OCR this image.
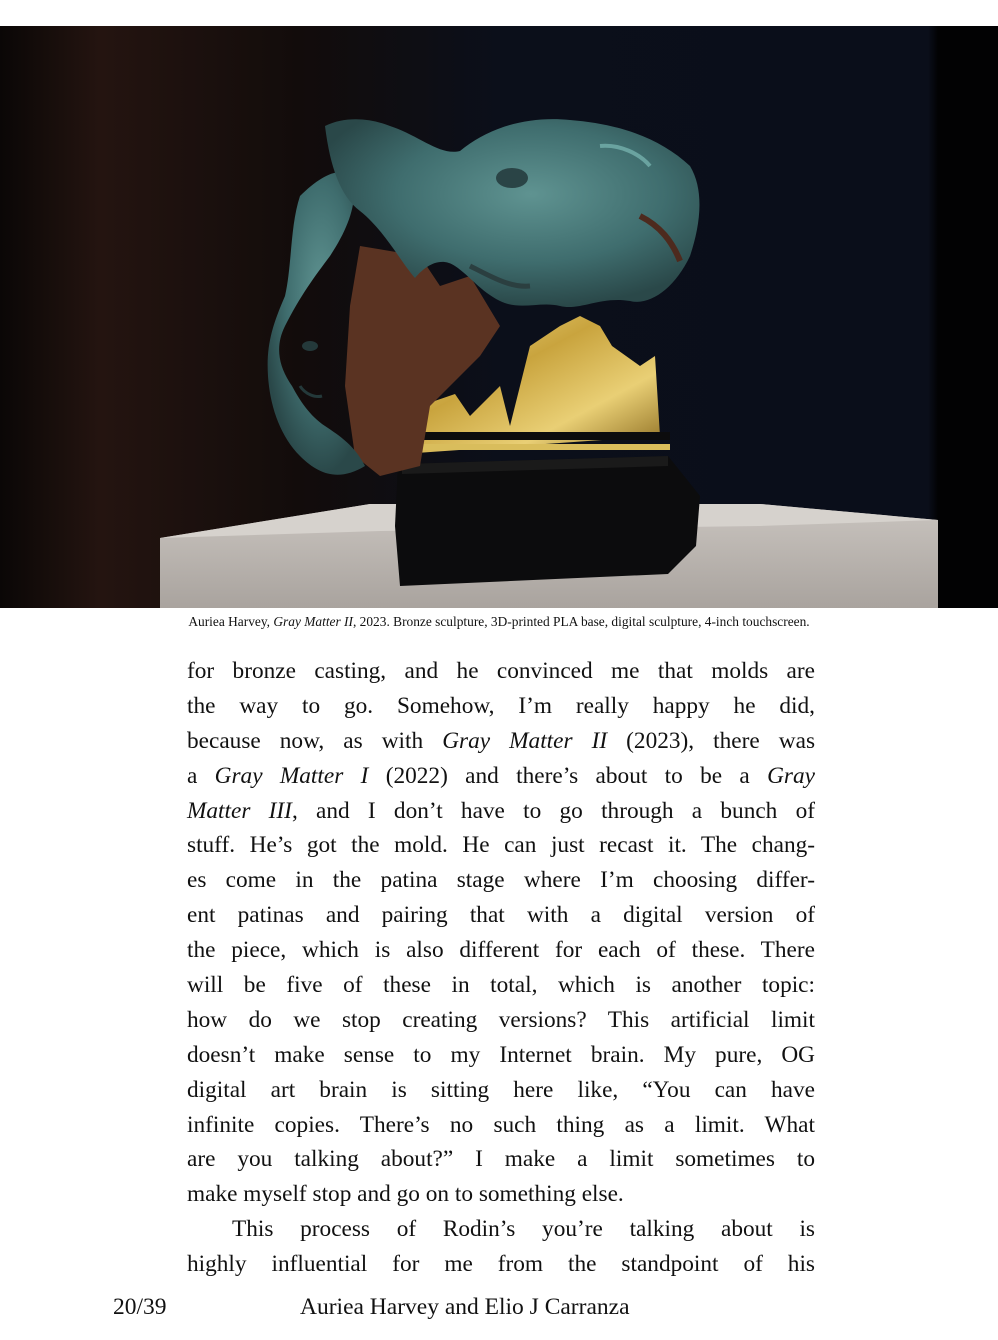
Auriea Harvey, Gray Matter II, 2023. Bronze sculpture, 3D-printed PLA base, digital sculpture, 4-inch touchscreen.
for bronze casting, and he convinced me that molds are
the way to go. Somehow, I’m really happy he did,
because now, as with Gray Matter II (2023), there was
a Gray Matter I (2022) and there’s about to be a Gray
Matter III, and I don’t have to go through a bunch of
stuff. He’s got the mold. He can just recast it. The chang-
es come in the patina stage where I’m choosing differ-
ent patinas and pairing that with a digital version of
the piece, which is also different for each of these. There
will be five of these in total, which is another topic:
how do we stop creating versions? This artificial limit
doesn’t make sense to my Internet brain. My pure, OG
digital art brain is sitting here like, “You can have
infinite copies. There’s no such thing as a limit. What
are you talking about?” I make a limit sometimes to
make myself stop and go on to something else.
This process of Rodin’s you’re talking about is
highly influential for me from the standpoint of his
20/39	Auriea Harvey and Elio J Carranza
